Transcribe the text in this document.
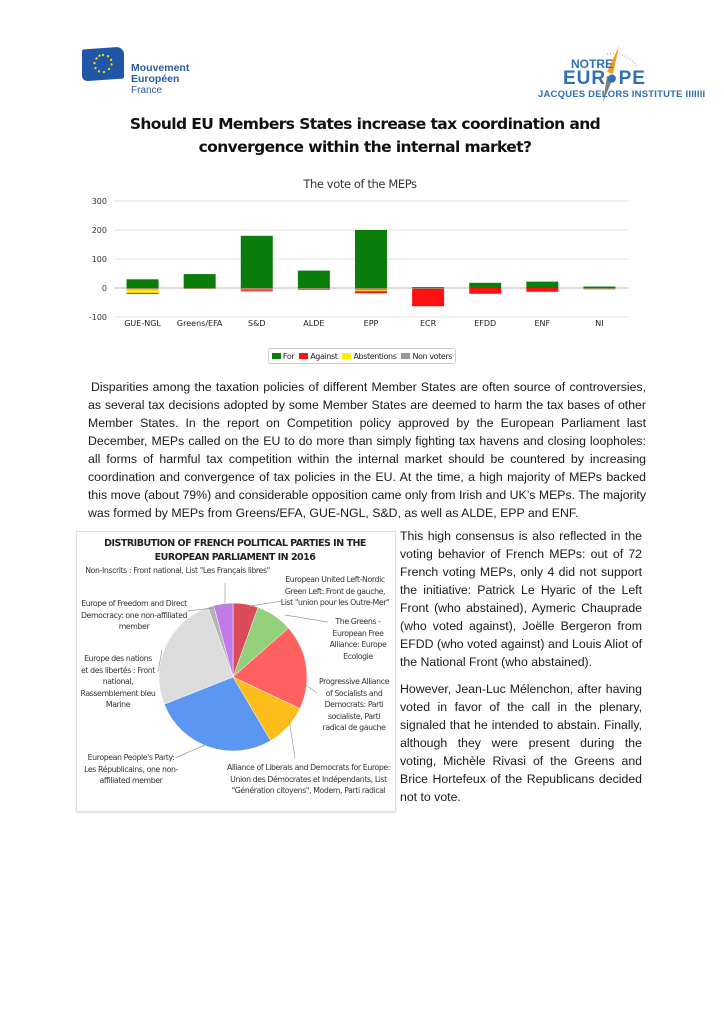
Mouvement
Européen
France
NOTRE
EUR●PE
JACQUES DELORS INSTITUTE IIIIIII
Should EU Members States increase tax coordination and convergence within the internal market?
The vote of the MEPs
300
200
100
0
-100
GUE-NGL Greens/EFA	S&D	ALDE	EPP	ECR	EFDD	ENF	NI
For	Against	Abstentions	Non voters
Disparities among the taxation policies of different Member States are often source of controversies, as several tax decisions adopted by some Member States are deemed to harm the tax bases of other Member States. In the report on Competition policy approved by the European Parliament last December, MEPs called on the EU to do more than simply fighting tax havens and closing loopholes: all forms of harmful tax competition within the internal market should be countered by increasing coordination and convergence of tax policies in the EU. At the time, a high majority of MEPs backed this move (about 79%) and considerable opposition came only from Irish and UK’s MEPs. The majority was formed by MEPs from Greens/EFA, GUE-NGL, S&D, as well as ALDE, EPP and ENF.
DISTRIBUTION OF FRENCH POLITICAL PARTIES IN THE EUROPEAN PARLIAMENT IN 2016
Non-Inscrits : Front national, List "Les Français libres"
Europe of Freedom and Direct Democracy: one non-affiliated member
Europe des nations et des libertés : Front national, Rassemblement bleu Marine
European People's Party: Les Républicains, one non-affiliated member
European United Left-Nordic Green Left: Front de gauche, List "union pour les Outre-Mer"
The Greens - European Free Alliance: Europe Ecologie
Progressive Alliance of Socialists and Democrats: Parti socialiste, Parti radical de gauche
Alliance of Liberals and Democrats for Europe: Union des Démocrates et Indépendants, List "Génération citoyens", Modem, Parti radical
This high consensus is also reflected in the voting behavior of French MEPs: out of 72 French voting MEPs, only 4 did not support the initiative: Patrick Le Hyaric of the Left Front (who abstained), Aymeric Chauprade (who voted against), Joëlle Bergeron from EFDD (who voted against) and Louis Aliot of the National Front (who abstained).
However, Jean-Luc Mélenchon, after having voted in favor of the call in the plenary, signaled that he intended to abstain. Finally, although they were present during the voting, Michèle Rivasi of the Greens and Brice Hortefeux of the Republicans decided not to vote.
